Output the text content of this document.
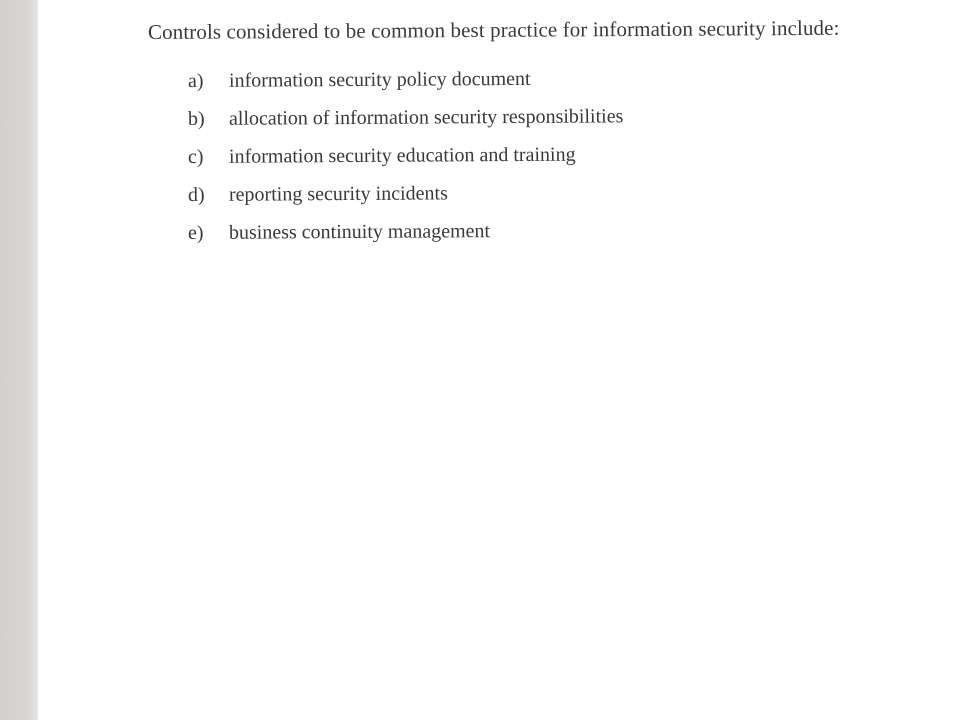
Controls considered to be common best practice for information security include:
a) information security policy document
b) allocation of information security responsibilities
c) information security education and training
d) reporting security incidents
e) business continuity management
